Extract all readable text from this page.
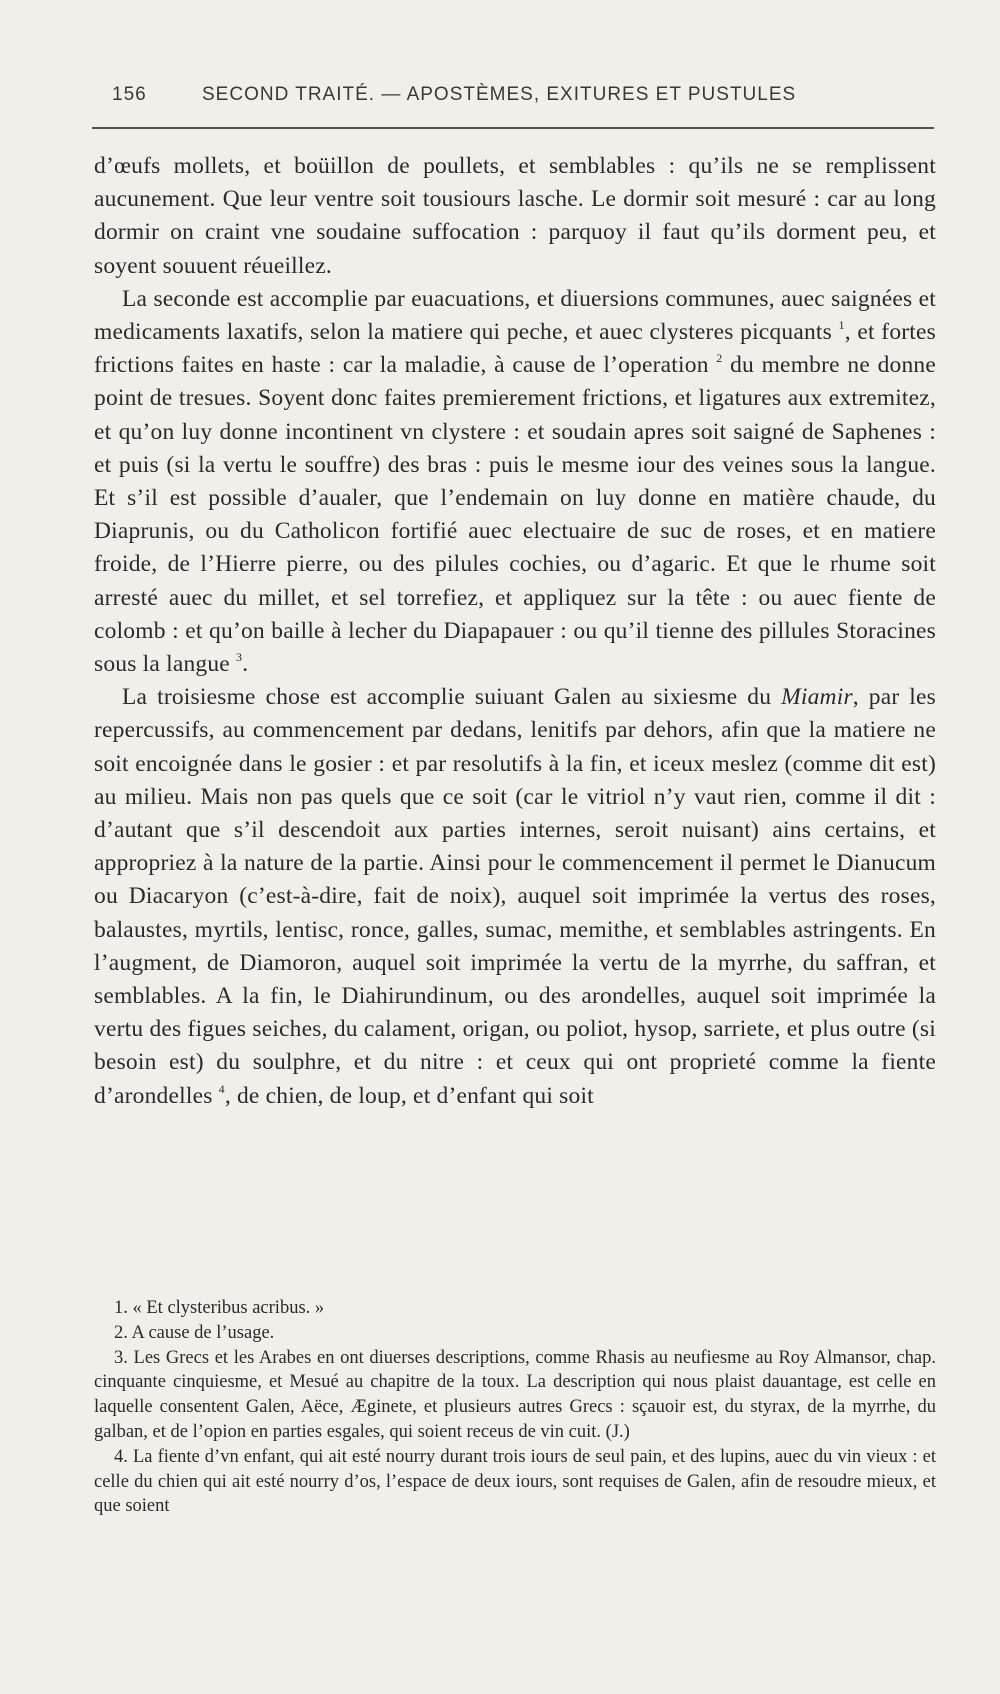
156	SECOND TRAITÉ. — APOSTÈMES, EXITURES ET PUSTULES

d’œufs mollets, et boüillon de poullets, et semblables : qu’ils ne se remplissent aucunement. Que leur ventre soit tousiours lasche. Le dormir soit mesuré : car au long dormir on craint vne soudaine suffocation : parquoy il faut qu’ils dorment peu, et soyent souuent réueillez.

La seconde est accomplie par euacuations, et diuersions communes, auec saignées et medicaments laxatifs, selon la matiere qui peche, et auec clysteres picquants $^1$, et fortes frictions faites en haste : car la maladie, à cause de l’operation $^2$ du membre ne donne point de tresues. Soyent donc faites premierement frictions, et ligatures aux extremitez, et qu’on luy donne incontinent vn clystere : et soudain apres soit saigné de Saphenes : et puis (si la vertu le souffre) des bras : puis le mesme iour des veines sous la langue. Et s’il est possible d’aualer, que l’endemain on luy donne en matière chaude, du Diaprunis, ou du Catholicon fortifié auec electuaire de suc de roses, et en matiere froide, de l’Hierre pierre, ou des pilules cochies, ou d’agaric. Et que le rhume soit arresté auec du millet, et sel torrefiez, et appliquez sur la tête : ou auec fiente de colomb : et qu’on baille à lecher du Diapapauer : ou qu’il tienne des pillules Storacines sous la langue $^3$.

La troisiesme chose est accomplie suiuant Galen au sixiesme du Miamir, par les repercussifs, au commencement par dedans, lenitifs par dehors, afin que la matiere ne soit encoignée dans le gosier : et par resolutifs à la fin, et iceux meslez (comme dit est) au milieu. Mais non pas quels que ce soit (car le vitriol n’y vaut rien, comme il dit : d’autant que s’il descendoit aux parties internes, seroit nuisant) ains certains, et appropriez à la nature de la partie. Ainsi pour le commencement il permet le Dianucum ou Diacaryon (c’est-à-dire, fait de noix), auquel soit imprimée la vertus des roses, balaustes, myrtils, lentisc, ronce, galles, sumac, memithe, et semblables astringents. En l’augment, de Diamoron, auquel soit imprimée la vertu de la myrrhe, du saffran, et semblables. A la fin, le Diahirundinum, ou des arondelles, auquel soit imprimée la vertu des figues seiches, du calament, origan, ou poliot, hysop, sarriete, et plus outre (si besoin est) du soulphre, et du nitre : et ceux qui ont proprieté comme la fiente d’arondelles $^4$, de chien, de loup, et d’enfant qui soit

1. « Et clysteribus acribus. »

2. A cause de l’usage.

3. Les Grecs et les Arabes en ont diuerses descriptions, comme Rhasis au neufiesme au Roy Almansor, chap. cinquante cinquiesme, et Mesué au chapitre de la toux. La description qui nous plaist dauantage, est celle en laquelle consentent Galen, Aëce, Æginete, et plusieurs autres Grecs : sçauoir est, du styrax, de la myrrhe, du galban, et de l’opion en parties esgales, qui soient receus de vin cuit. (J.)

4. La fiente d’vn enfant, qui ait esté nourry durant trois iours de seul pain, et des lupins, auec du vin vieux : et celle du chien qui ait esté nourry d’os, l’espace de deux iours, sont requises de Galen, afin de resoudre mieux, et que soient
